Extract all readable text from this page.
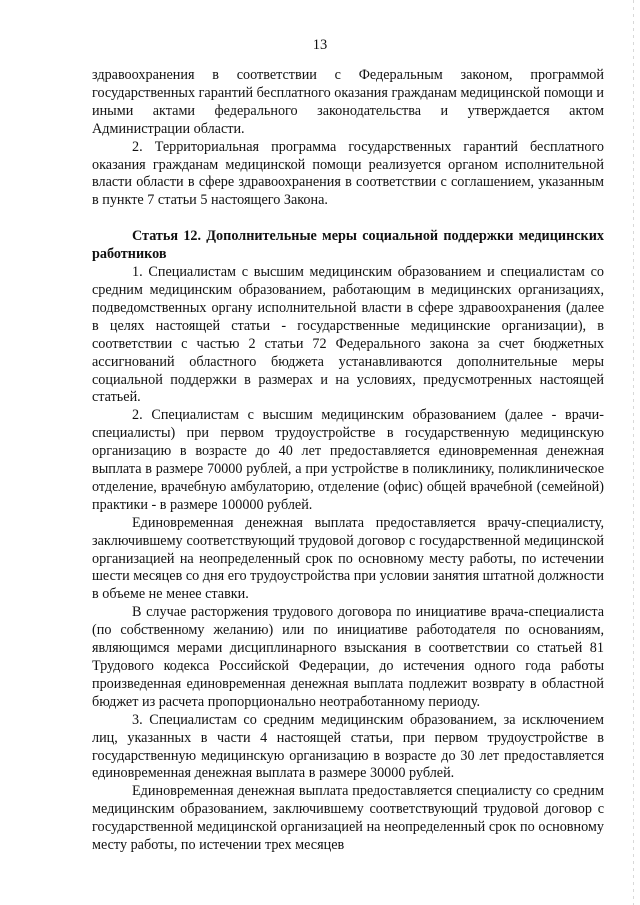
13

здравоохранения в соответствии с Федеральным законом, программой государственных гарантий бесплатного оказания гражданам медицинской помощи и иными актами федерального законодательства и утверждается актом Администрации области.

2. Территориальная программа государственных гарантий бесплатного оказания гражданам медицинской помощи реализуется органом исполнительной власти области в сфере здравоохранения в соответствии с соглашением, указанным в пункте 7 статьи 5 настоящего Закона.

Статья 12. Дополнительные меры социальной поддержки медицинских работников

1. Специалистам с высшим медицинским образованием и специалистам со средним медицинским образованием, работающим в медицинских организациях, подведомственных органу исполнительной власти в сфере здравоохранения (далее в целях настоящей статьи - государственные медицинские организации), в соответствии с частью 2 статьи 72 Федерального закона за счет бюджетных ассигнований областного бюджета устанавливаются дополнительные меры социальной поддержки в размерах и на условиях, предусмотренных настоящей статьей.

2. Специалистам с высшим медицинским образованием (далее - врачи-специалисты) при первом трудоустройстве в государственную медицинскую организацию в возрасте до 40 лет предоставляется единовременная денежная выплата в размере 70000 рублей, а при устройстве в поликлинику, поликлиническое отделение, врачебную амбулаторию, отделение (офис) общей врачебной (семейной) практики - в размере 100000 рублей.

Единовременная денежная выплата предоставляется врачу-специалисту, заключившему соответствующий трудовой договор с государственной медицинской организацией на неопределенный срок по основному месту работы, по истечении шести месяцев со дня его трудоустройства при условии занятия штатной должности в объеме не менее ставки.

В случае расторжения трудового договора по инициативе врача-специалиста (по собственному желанию) или по инициативе работодателя по основаниям, являющимся мерами дисциплинарного взыскания в соответствии со статьей 81 Трудового кодекса Российской Федерации, до истечения одного года работы произведенная единовременная денежная выплата подлежит возврату в областной бюджет из расчета пропорционально неотработанному периоду.

3. Специалистам со средним медицинским образованием, за исключением лиц, указанных в части 4 настоящей статьи, при первом трудоустройстве в государственную медицинскую организацию в возрасте до 30 лет предоставляется единовременная денежная выплата в размере 30000 рублей.

Единовременная денежная выплата предоставляется специалисту со средним медицинским образованием, заключившему соответствующий трудовой договор с государственной медицинской организацией на неопределенный срок по основному месту работы, по истечении трех месяцев
